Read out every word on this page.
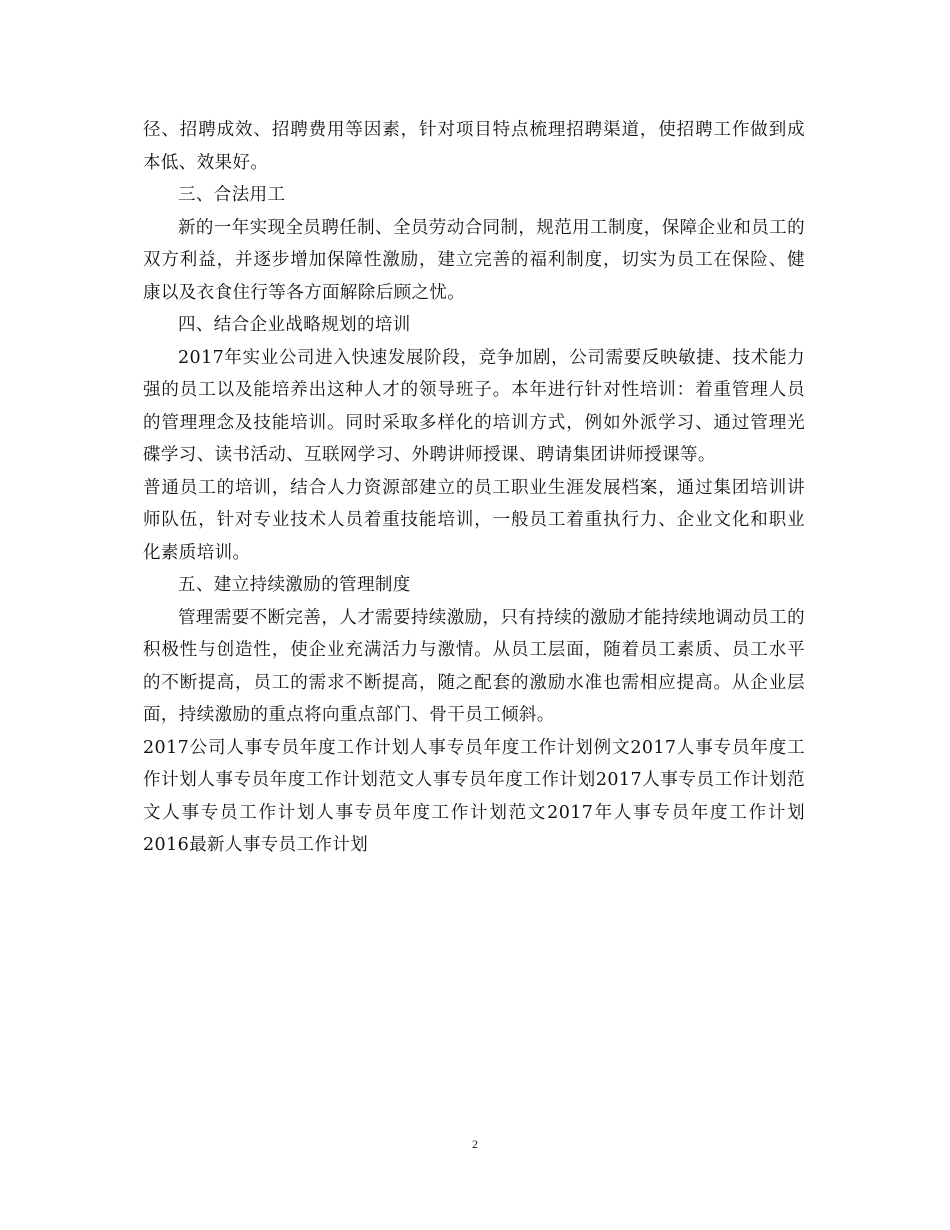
径、招聘成效、招聘费用等因素，针对项目特点梳理招聘渠道，使招聘工作做到成本低、效果好。

三、合法用工

新的一年实现全员聘任制、全员劳动合同制，规范用工制度，保障企业和员工的双方利益，并逐步增加保障性激励，建立完善的福利制度，切实为员工在保险、健康以及衣食住行等各方面解除后顾之忧。

四、结合企业战略规划的培训

2017年实业公司进入快速发展阶段，竞争加剧，公司需要反映敏捷、技术能力强的员工以及能培养出这种人才的领导班子。本年进行针对性培训：着重管理人员的管理理念及技能培训。同时采取多样化的培训方式，例如外派学习、通过管理光碟学习、读书活动、互联网学习、外聘讲师授课、聘请集团讲师授课等。

普通员工的培训，结合人力资源部建立的员工职业生涯发展档案，通过集团培训讲师队伍，针对专业技术人员着重技能培训，一般员工着重执行力、企业文化和职业化素质培训。

五、建立持续激励的管理制度

管理需要不断完善，人才需要持续激励，只有持续的激励才能持续地调动员工的积极性与创造性，使企业充满活力与激情。从员工层面，随着员工素质、员工水平的不断提高，员工的需求不断提高，随之配套的激励水准也需相应提高。从企业层面，持续激励的重点将向重点部门、骨干员工倾斜。

2017公司人事专员年度工作计划人事专员年度工作计划例文2017人事专员年度工作计划人事专员年度工作计划范文人事专员年度工作计划2017人事专员工作计划范文人事专员工作计划人事专员年度工作计划范文2017年人事专员年度工作计划2016最新人事专员工作计划

2
